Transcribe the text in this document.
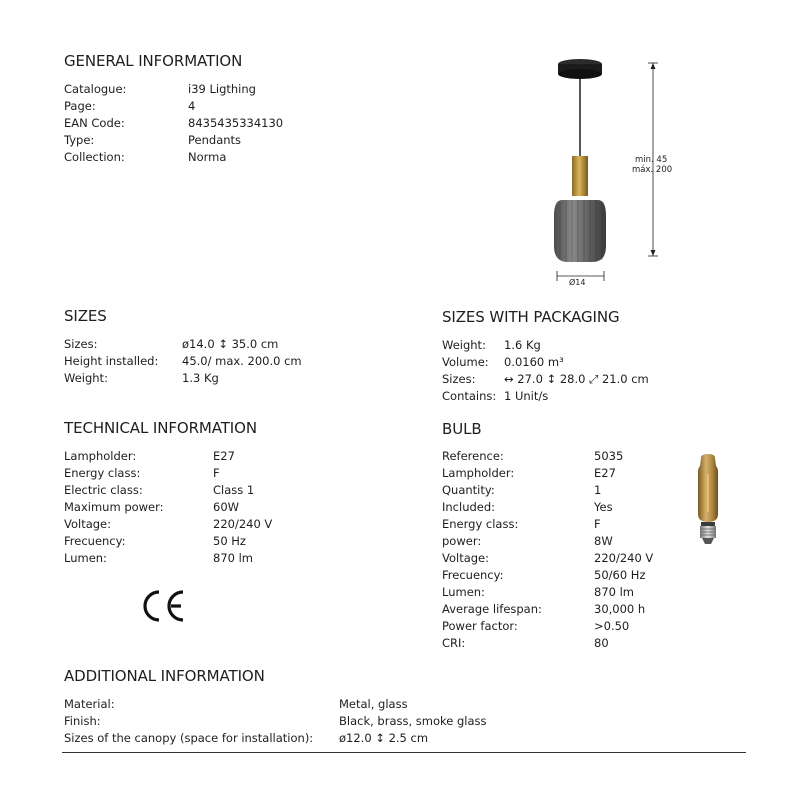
GENERAL INFORMATION
Catalogue:	i39 Ligthing
Page:	4
EAN Code:	8435435334130
Type:	Pendants
Collection:	Norma	min. 45
máx. 200
Ø14
SIZES
Sizes:	ø14.0 ↕ 35.0 cm
Height installed: 45.0/ max. 200.0 cm
Weight:	1.3 Kg
SIZES WITH PACKAGING
Weight: 1.6 Kg
Volume: 0.0160 m³
Sizes: ↔ 27.0 ↕ 28.0 ⤢ 21.0 cm
Contains: 1 Unit/s
TECHNICAL INFORMATION
Lampholder:	E27
Energy class:	F
Electric class:	Class 1
Maximum power:	60W
Voltage:	220/240 V
Frecuency:	50 Hz
Lumen:	870 lm
BULB
Reference:	5035
Lampholder:	E27
Quantity:	1
Included:	Yes
Energy class:	F
power:	8W
Voltage:	220/240 V
Frecuency:	50/60 Hz
Lumen:	870 lm
Average lifespan:	30,000 h
Power factor:	>0.50
CRI:	80
ADDITIONAL INFORMATION
Material:	Metal, glass
Finish:	Black, brass, smoke glass
Sizes of the canopy (space for installation): ø12.0 ↕ 2.5 cm
